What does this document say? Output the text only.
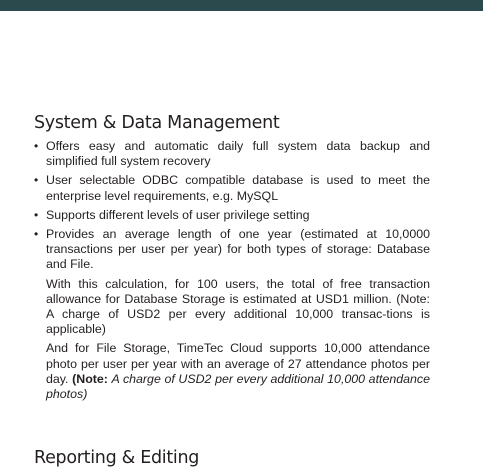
System & Data Management
• Offers easy and automatic daily full system data backup and simplified full system recovery
• User selectable ODBC compatible database is used to meet the enterprise level requirements, e.g. MySQL
• Supports different levels of user privilege setting
• Provides an average length of one year (estimated at 10,0000 transactions per user per year) for both types of storage: Database and File.
With this calculation, for 100 users, the total of free transaction allowance for Database Storage is estimated at USD1 million. (Note: A charge of USD2 per every additional 10,000 transac-tions is applicable)
And for File Storage, TimeTec Cloud supports 10,000 attendance photo per user per year with an average of 27 attendance photos per day. (Note: A charge of USD2 per every additional 10,000 attendance photos)
Reporting & Editing
